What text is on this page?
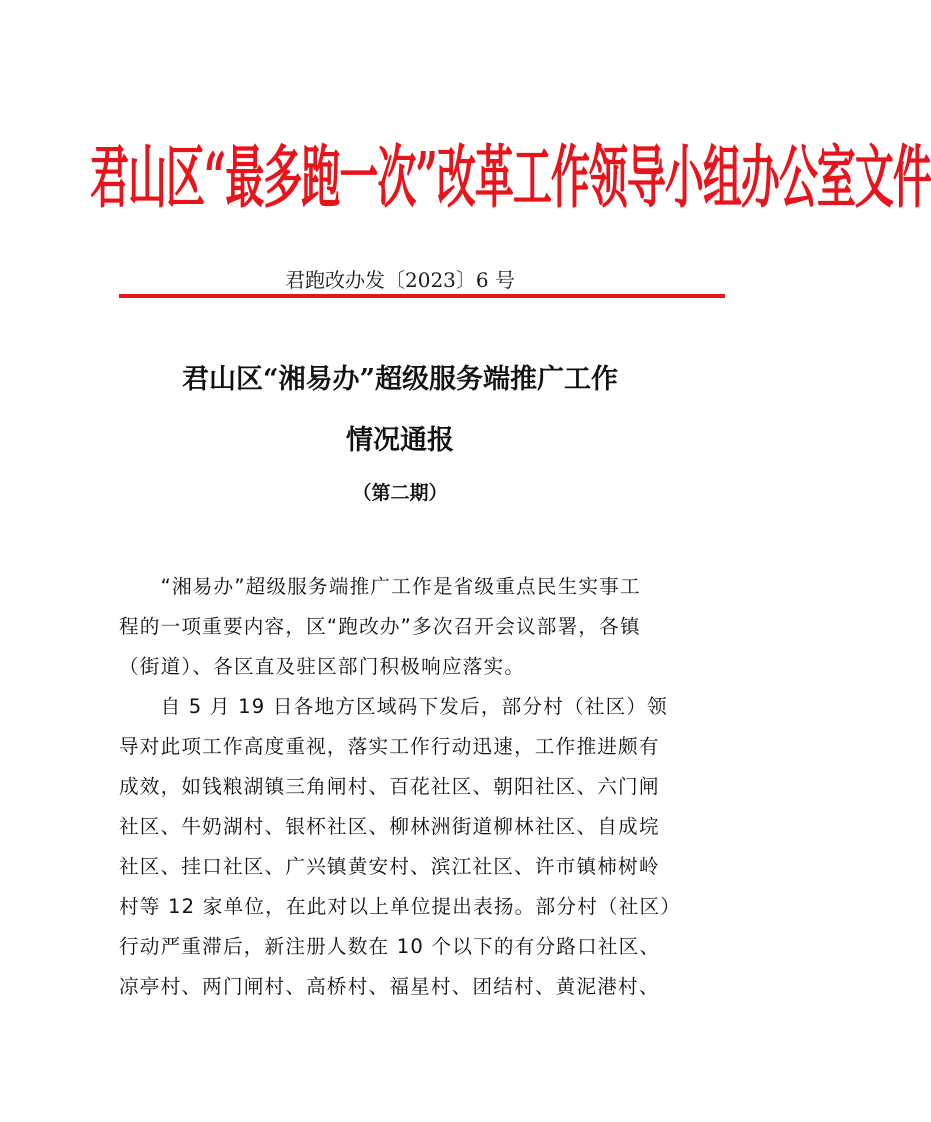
君山区“最多跑一次”改革工作领导小组办公室文件
君跑改办发〔2023〕6 号
君山区“湘易办”超级服务端推广工作
情况通报
（第二期）
　　“湘易办”超级服务端推广工作是省级重点民生实事工
程的一项重要内容，区“跑改办”多次召开会议部署，各镇
（街道）、各区直及驻区部门积极响应落实。
　　自 5 月 19 日各地方区域码下发后，部分村（社区）领
导对此项工作高度重视，落实工作行动迅速，工作推进颇有
成效，如钱粮湖镇三角闸村、百花社区、朝阳社区、六门闸
社区、牛奶湖村、银杯社区、柳林洲街道柳林社区、自成垸
社区、挂口社区、广兴镇黄安村、滨江社区、许市镇柿树岭
村等 12 家单位，在此对以上单位提出表扬。部分村（社区）
行动严重滞后，新注册人数在 10 个以下的有分路口社区、
凉亭村、两门闸村、高桥村、福星村、团结村、黄泥港村、
